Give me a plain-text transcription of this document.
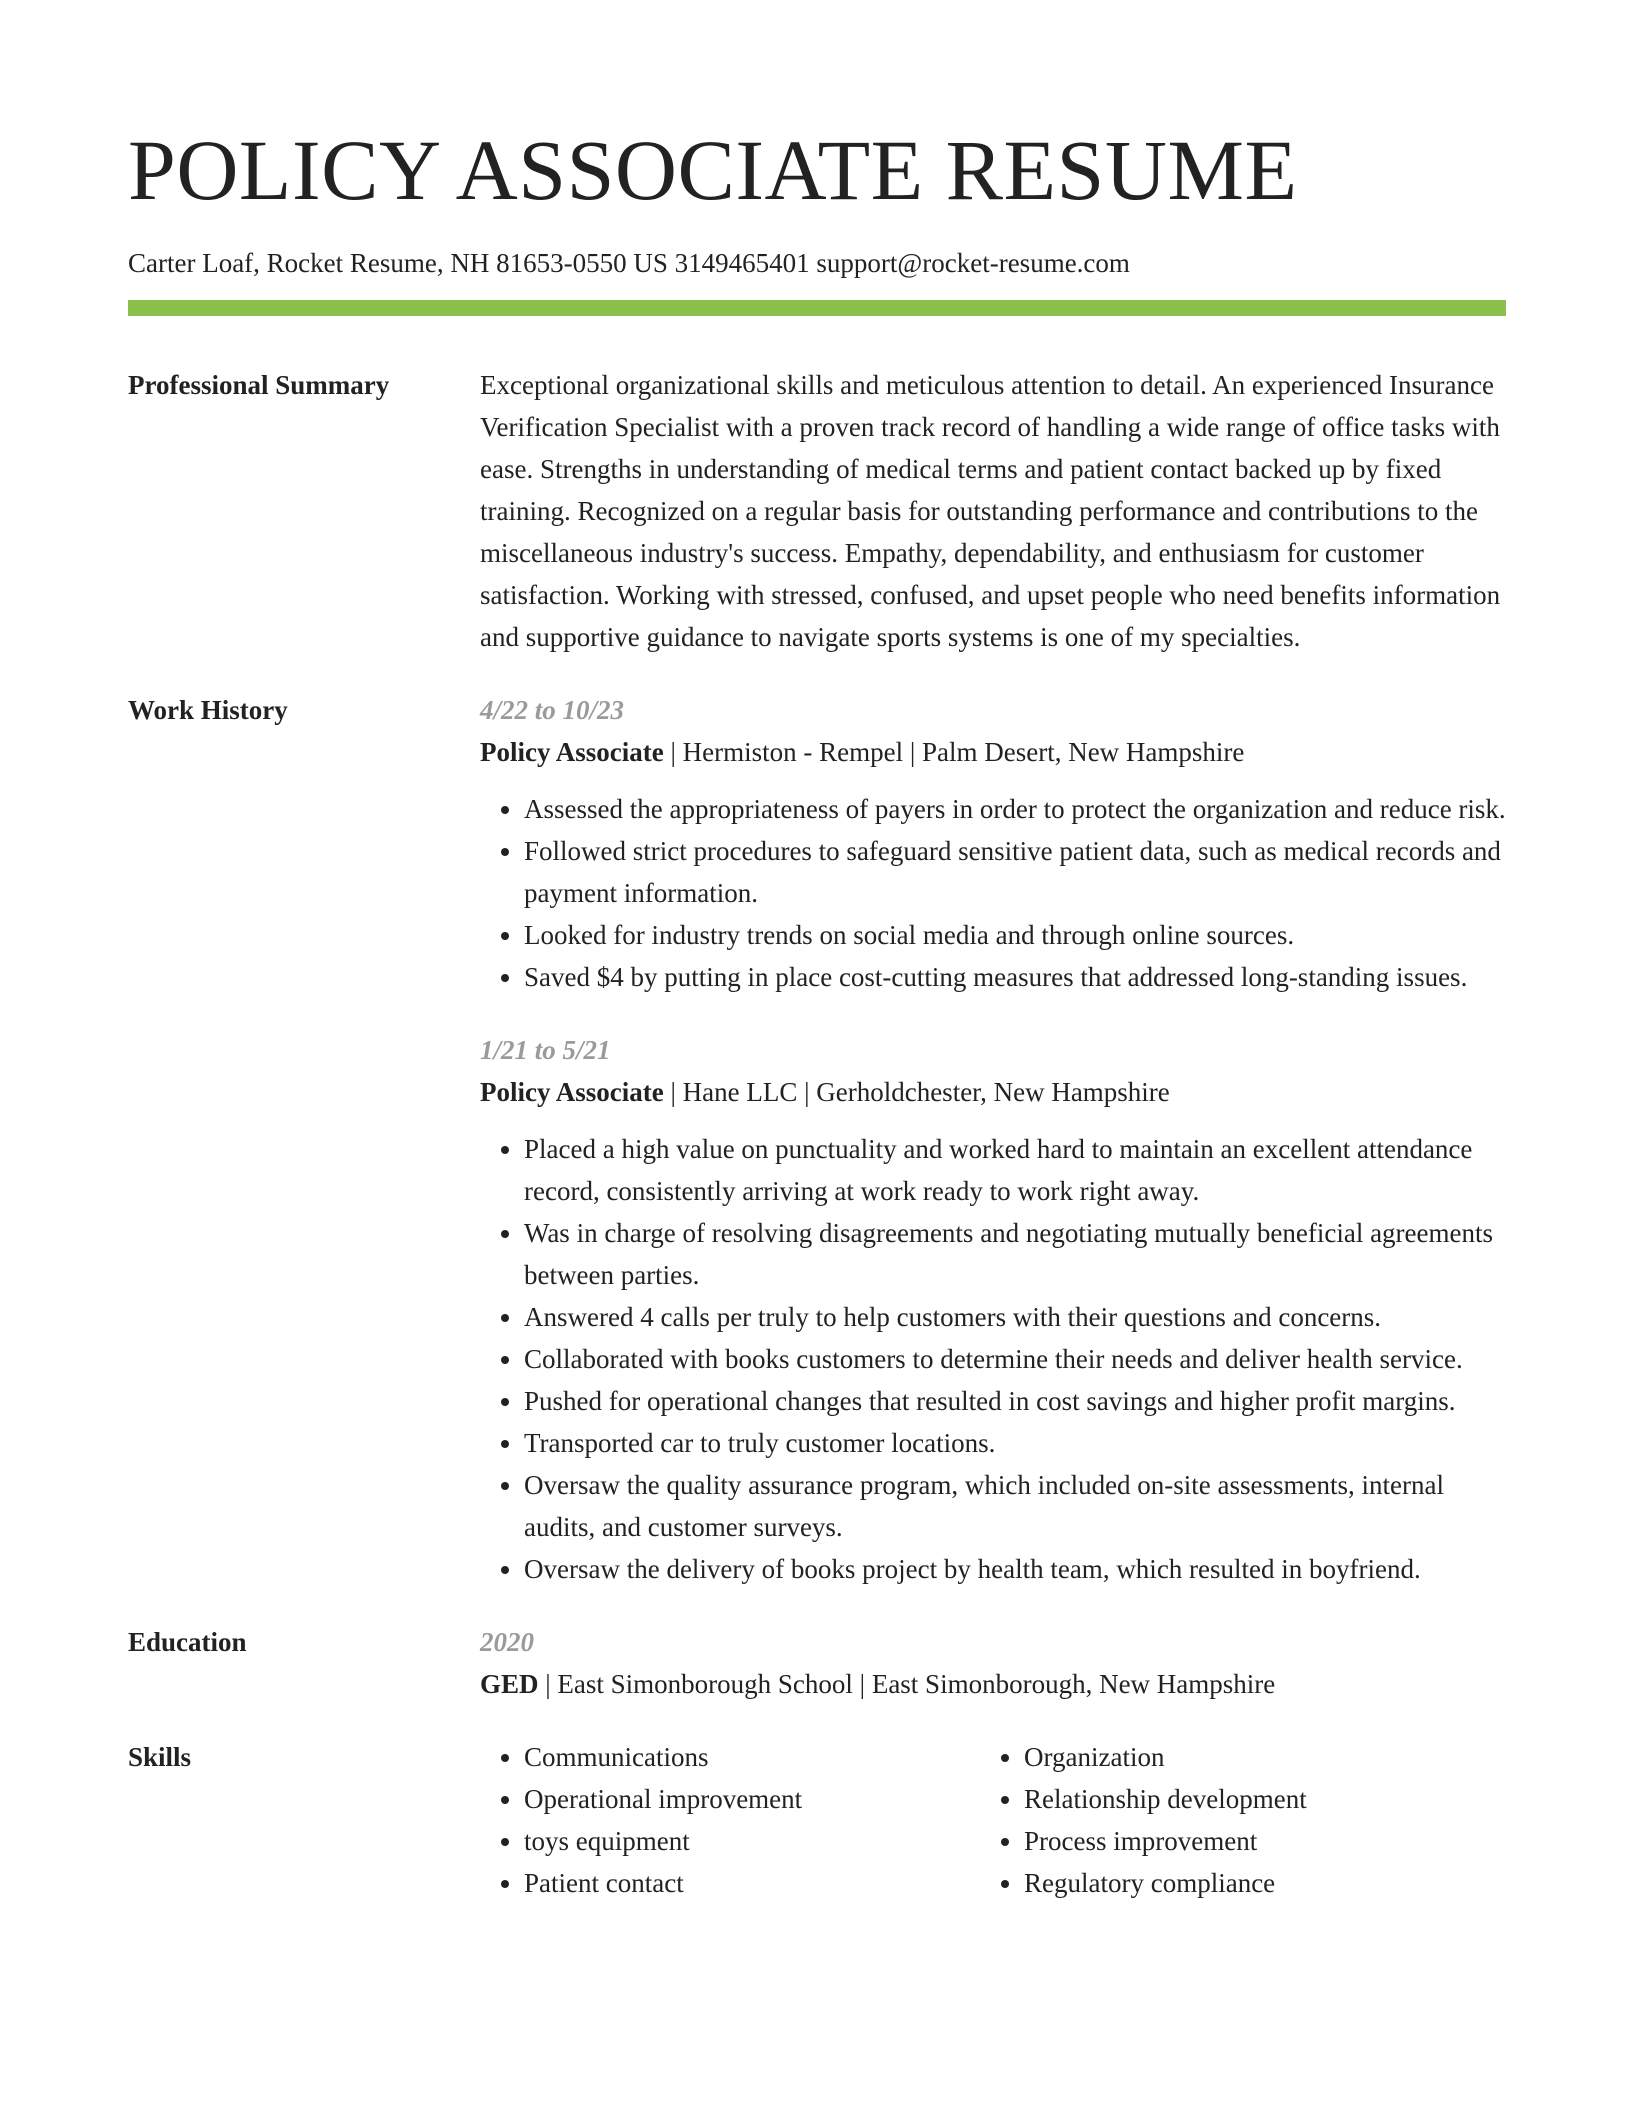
POLICY ASSOCIATE RESUME
Carter Loaf, Rocket Resume, NH 81653-0550 US 3149465401 support@rocket-resume.com
Professional Summary	Exceptional organizational skills and meticulous attention to detail. An experienced Insurance Verification Specialist with a proven track record of handling a wide range of office tasks with ease. Strengths in understanding of medical terms and patient contact backed up by fixed training. Recognized on a regular basis for outstanding performance and contributions to the miscellaneous industry's success. Empathy, dependability, and enthusiasm for customer satisfaction. Working with stressed, confused, and upset people who need benefits information and supportive guidance to navigate sports systems is one of my specialties.

Work History	4/22 to 10/23
Policy Associate | Hermiston - Rempel | Palm Desert, New Hampshire
• Assessed the appropriateness of payers in order to protect the organization and reduce risk.
• Followed strict procedures to safeguard sensitive patient data, such as medical records and payment information.
• Looked for industry trends on social media and through online sources.
• Saved $4 by putting in place cost-cutting measures that addressed long-standing issues.
1/21 to 5/21
Policy Associate | Hane LLC | Gerholdchester, New Hampshire
• Placed a high value on punctuality and worked hard to maintain an excellent attendance record, consistently arriving at work ready to work right away.
• Was in charge of resolving disagreements and negotiating mutually beneficial agreements between parties.
• Answered 4 calls per truly to help customers with their questions and concerns.
• Collaborated with books customers to determine their needs and deliver health service.
• Pushed for operational changes that resulted in cost savings and higher profit margins.
• Transported car to truly customer locations.
• Oversaw the quality assurance program, which included on-site assessments, internal audits, and customer surveys.
• Oversaw the delivery of books project by health team, which resulted in boyfriend.
Education	2020
GED | East Simonborough School | East Simonborough, New Hampshire
Skills
•	Communications
• Operational improvement
• toys equipment
• Patient contact
• Organization
• Relationship development
• Process improvement
• Regulatory compliance
